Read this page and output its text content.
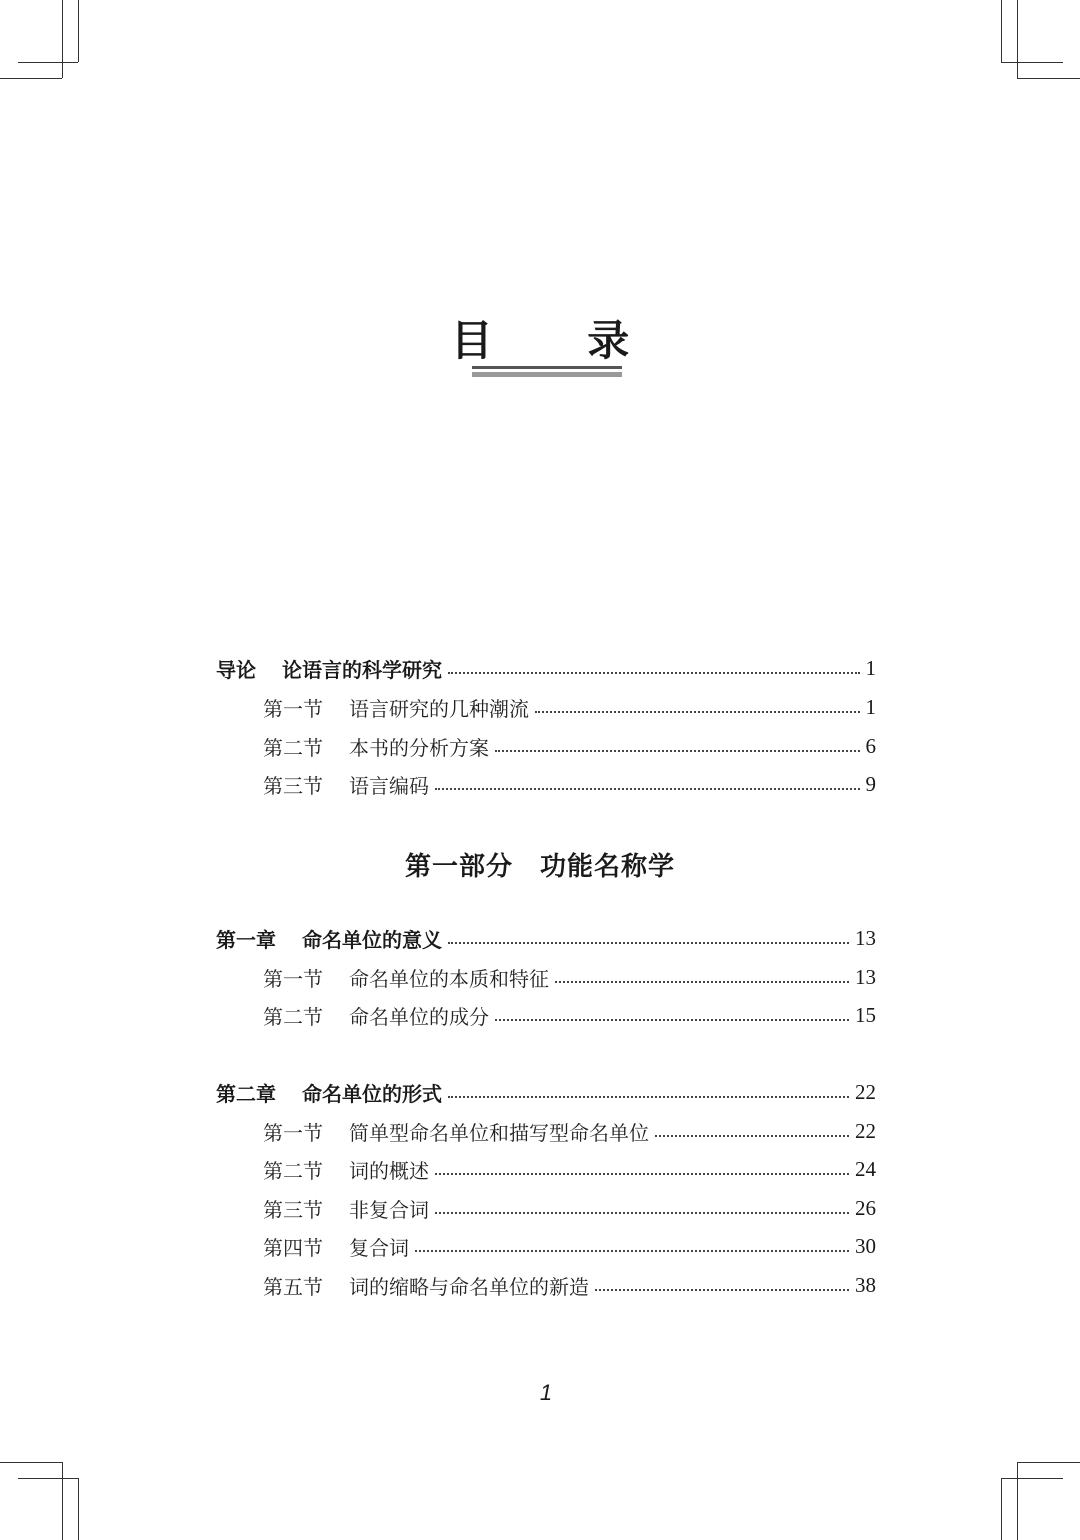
目 录
导论 论语言的科学研究	1
第一节 语言研究的几种潮流	1
第二节 本书的分析方案	6
第三节 语言编码	9
第一部分　功能名称学
第一章 命名单位的意义	13
第一节 命名单位的本质和特征	13
第二节 命名单位的成分	15
第二章 命名单位的形式	22
第一节 简单型命名单位和描写型命名单位	22
第二节 词的概述	24
第三节 非复合词	26
第四节 复合词	30
第五节 词的缩略与命名单位的新造	38
1
